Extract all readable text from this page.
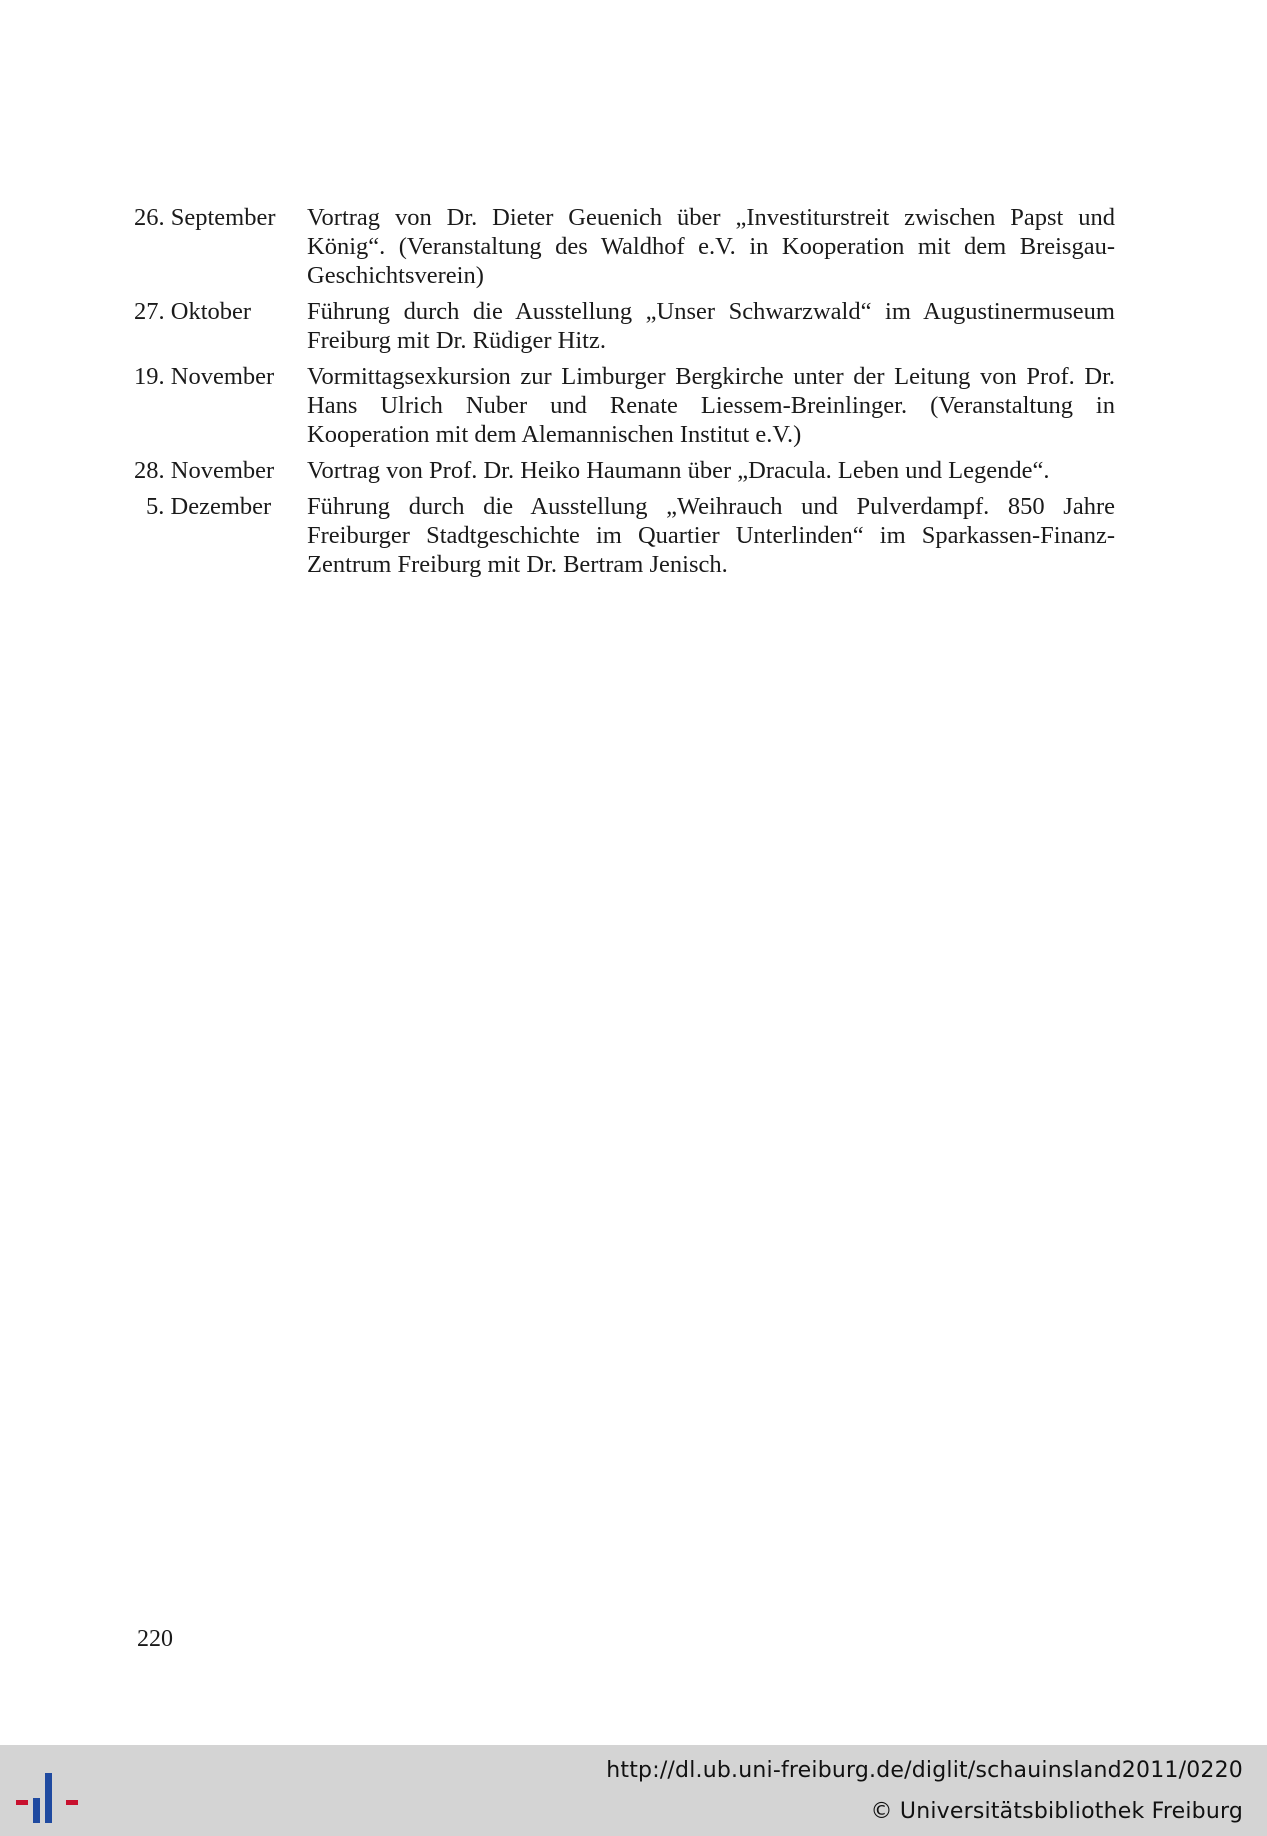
26. September	Vortrag von Dr. Dieter Geuenich über „Investiturstreit zwischen Papst und König“. (Veranstaltung des Waldhof e.V. in Kooperation mit dem Breisgau-Geschichtsverein)
27. Oktober	Führung durch die Ausstellung „Unser Schwarzwald“ im Augustinermuseum Freiburg mit Dr. Rüdiger Hitz.
19. November	Vormittagsexkursion zur Limburger Bergkirche unter der Leitung von Prof. Dr. Hans Ulrich Nuber und Renate Liessem-Breinlinger. (Veranstaltung in Kooperation mit dem Alemannischen Institut e.V.)
28. November	Vortrag von Prof. Dr. Heiko Haumann über „Dracula. Leben und Legende“.
5. Dezember	Führung durch die Ausstellung „Weihrauch und Pulverdampf. 850 Jahre Freiburger Stadtgeschichte im Quartier Unterlinden“ im Sparkassen-Finanz-Zentrum Freiburg mit Dr. Bertram Jenisch.
220
http://dl.ub.uni-freiburg.de/diglit/schauinsland2011/0220
© Universitätsbibliothek Freiburg
